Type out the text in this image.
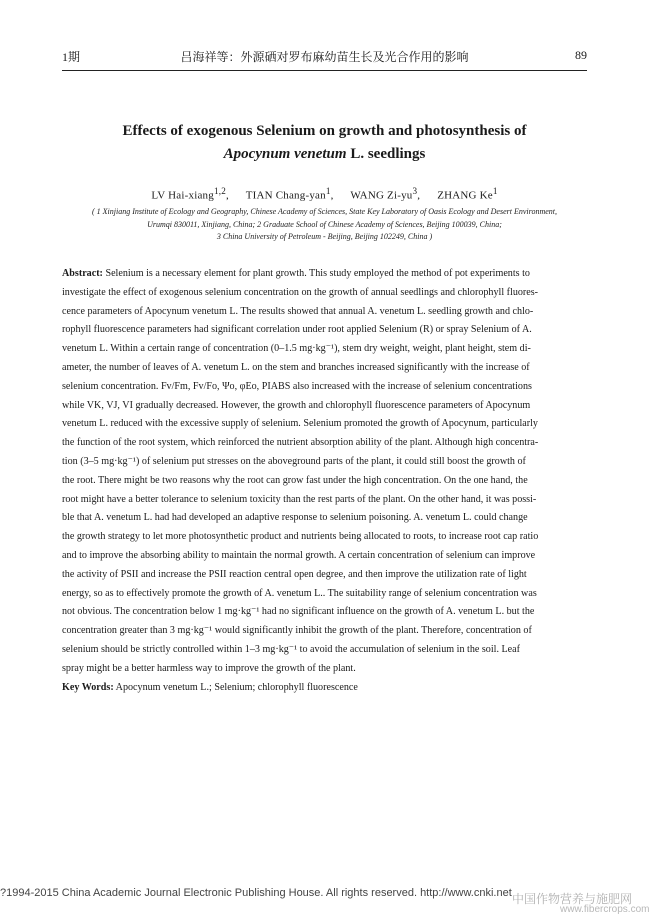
1期	吕海祥等：外源硒对罗布麻幼苗生长及光合作用的影响	89
Effects of exogenous Selenium on growth and photosynthesis of
Apocynum venetum L. seedlings
LV Hai-xiang$^{1,2}$, TIAN Chang-yan$^1$, WANG $Zi-yu^3$, ZHANG Ke$^1$
( 1 Xinjiang Institute of Ecology and Geography, Chinese Academy of Sciences, State Key Laboratory of Oasis Ecology and Desert Environment,
Urumqi 830011, Xinjiang, China; 2 Graduate School of Chinese Academy of Sciences, Beijing 100039, China;
3 China University of Petroleum - Beijing, Beijing 102249, China )
Abstract: Selenium is a necessary element for plant growth. This study employed the method of pot experiments to
investigate the effect of exogenous selenium concentration on the growth of annual seedlings and chlorophyll fluores-
cence parameters of Apocynum venetum L. The results showed that annual A. venetum L. seedling growth and chlo-
rophyll fluorescence parameters had significant correlation under root applied Selenium (R) or spray Selenium of A.
venetum L. Within a certain range of concentration (0–1.5 mg·kg⁻¹), stem dry weight, weight, plant height, stem di-
ameter, the number of leaves of A. venetum L. on the stem and branches increased significantly with the increase of
selenium concentration. Fv/Fm, Fv/Fo, Ψo, φEo, PIABS also increased with the increase of selenium concentrations
while VK, VJ, VI gradually decreased. However, the growth and chlorophyll fluorescence parameters of Apocynum
venetum L. reduced with the excessive supply of selenium. Selenium promoted the growth of Apocynum, particularly
the function of the root system, which reinforced the nutrient absorption ability of the plant. Although high concentra-
tion (3–5 mg·kg⁻¹) of selenium put stresses on the aboveground parts of the plant, it could still boost the growth of
the root. There might be two reasons why the root can grow fast under the high concentration. On the one hand, the
root might have a better tolerance to selenium toxicity than the rest parts of the plant. On the other hand, it was possi-
ble that A. venetum L. had had developed an adaptive response to selenium poisoning. A. venetum L. could change
the growth strategy to let more photosynthetic product and nutrients being allocated to roots, to increase root cap ratio
and to improve the absorbing ability to maintain the normal growth. A certain concentration of selenium can improve
the activity of PSII and increase the PSII reaction central open degree, and then improve the utilization rate of light
energy, so as to effectively promote the growth of A. venetum L.. The suitability range of selenium concentration was
not obvious. The concentration below 1 mg·kg⁻¹ had no significant influence on the growth of A. venetum L. but the
concentration greater than 3 mg·kg⁻¹ would significantly inhibit the growth of the plant. Therefore, concentration of
selenium should be strictly controlled within 1–3 mg·kg⁻¹ to avoid the accumulation of selenium in the soil. Leaf
spray might be a better harmless way to improve the growth of the plant.
Key Words: Apocynum venetum L.; Selenium; chlorophyll fluorescence
?1994-2015 China Academic Journal Electronic Publishing House. All rights reserved. http://www.cnki.net 中国作物营养与施肥网
www.fibercrops.com
